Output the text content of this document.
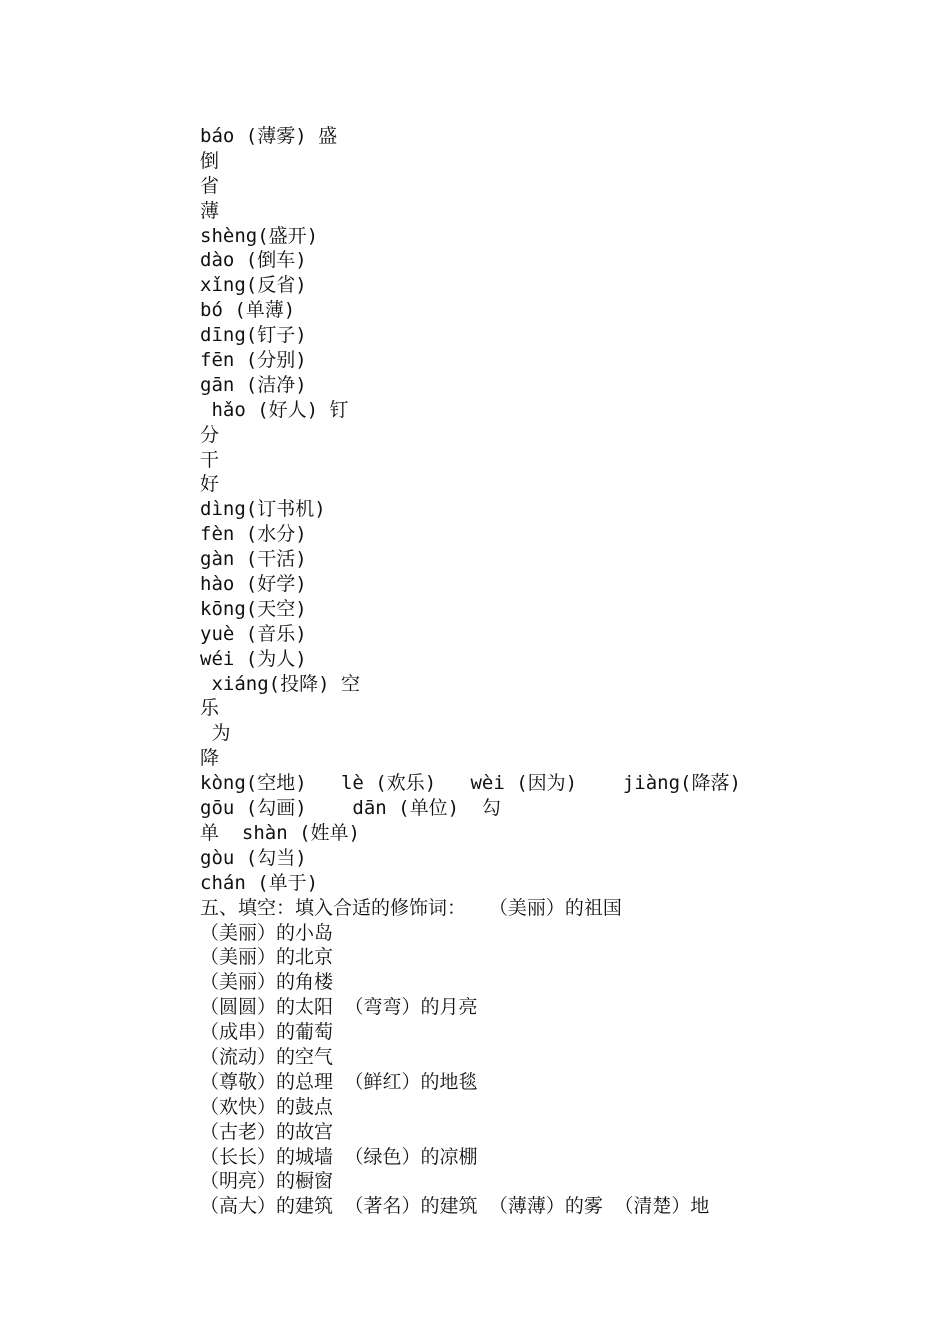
báo (薄雾) 盛

倒

省

薄

shèng(盛开)

dào (倒车)

xǐng(反省)

bó (单薄)

dīng(钉子)

fēn (分别)

gān (洁净)

hǎo (好人) 钉

分

干

好

dìng(订书机)

fèn (水分)

gàn (干活)

hào (好学)

kōng(天空)

yuè (音乐)

wéi (为人)

xiáng(投降) 空

乐

为

降

kòng(空地)   lè (欢乐)   wèi (因为)    jiàng(降落)

gōu (勾画)    dān (单位)  勾

单  shàn (姓单)

gòu (勾当)

chán (单于)

五、填空：填入合适的修饰词：  （美丽）的祖国

（美丽）的小岛

（美丽）的北京

（美丽）的角楼

（圆圆）的太阳 （弯弯）的月亮

（成串）的葡萄

（流动）的空气

（尊敬）的总理 （鲜红）的地毯

（欢快）的鼓点

（古老）的故宫

（长长）的城墙 （绿色）的凉棚

（明亮）的橱窗

（高大）的建筑 （著名）的建筑 （薄薄）的雾 （清楚）地
